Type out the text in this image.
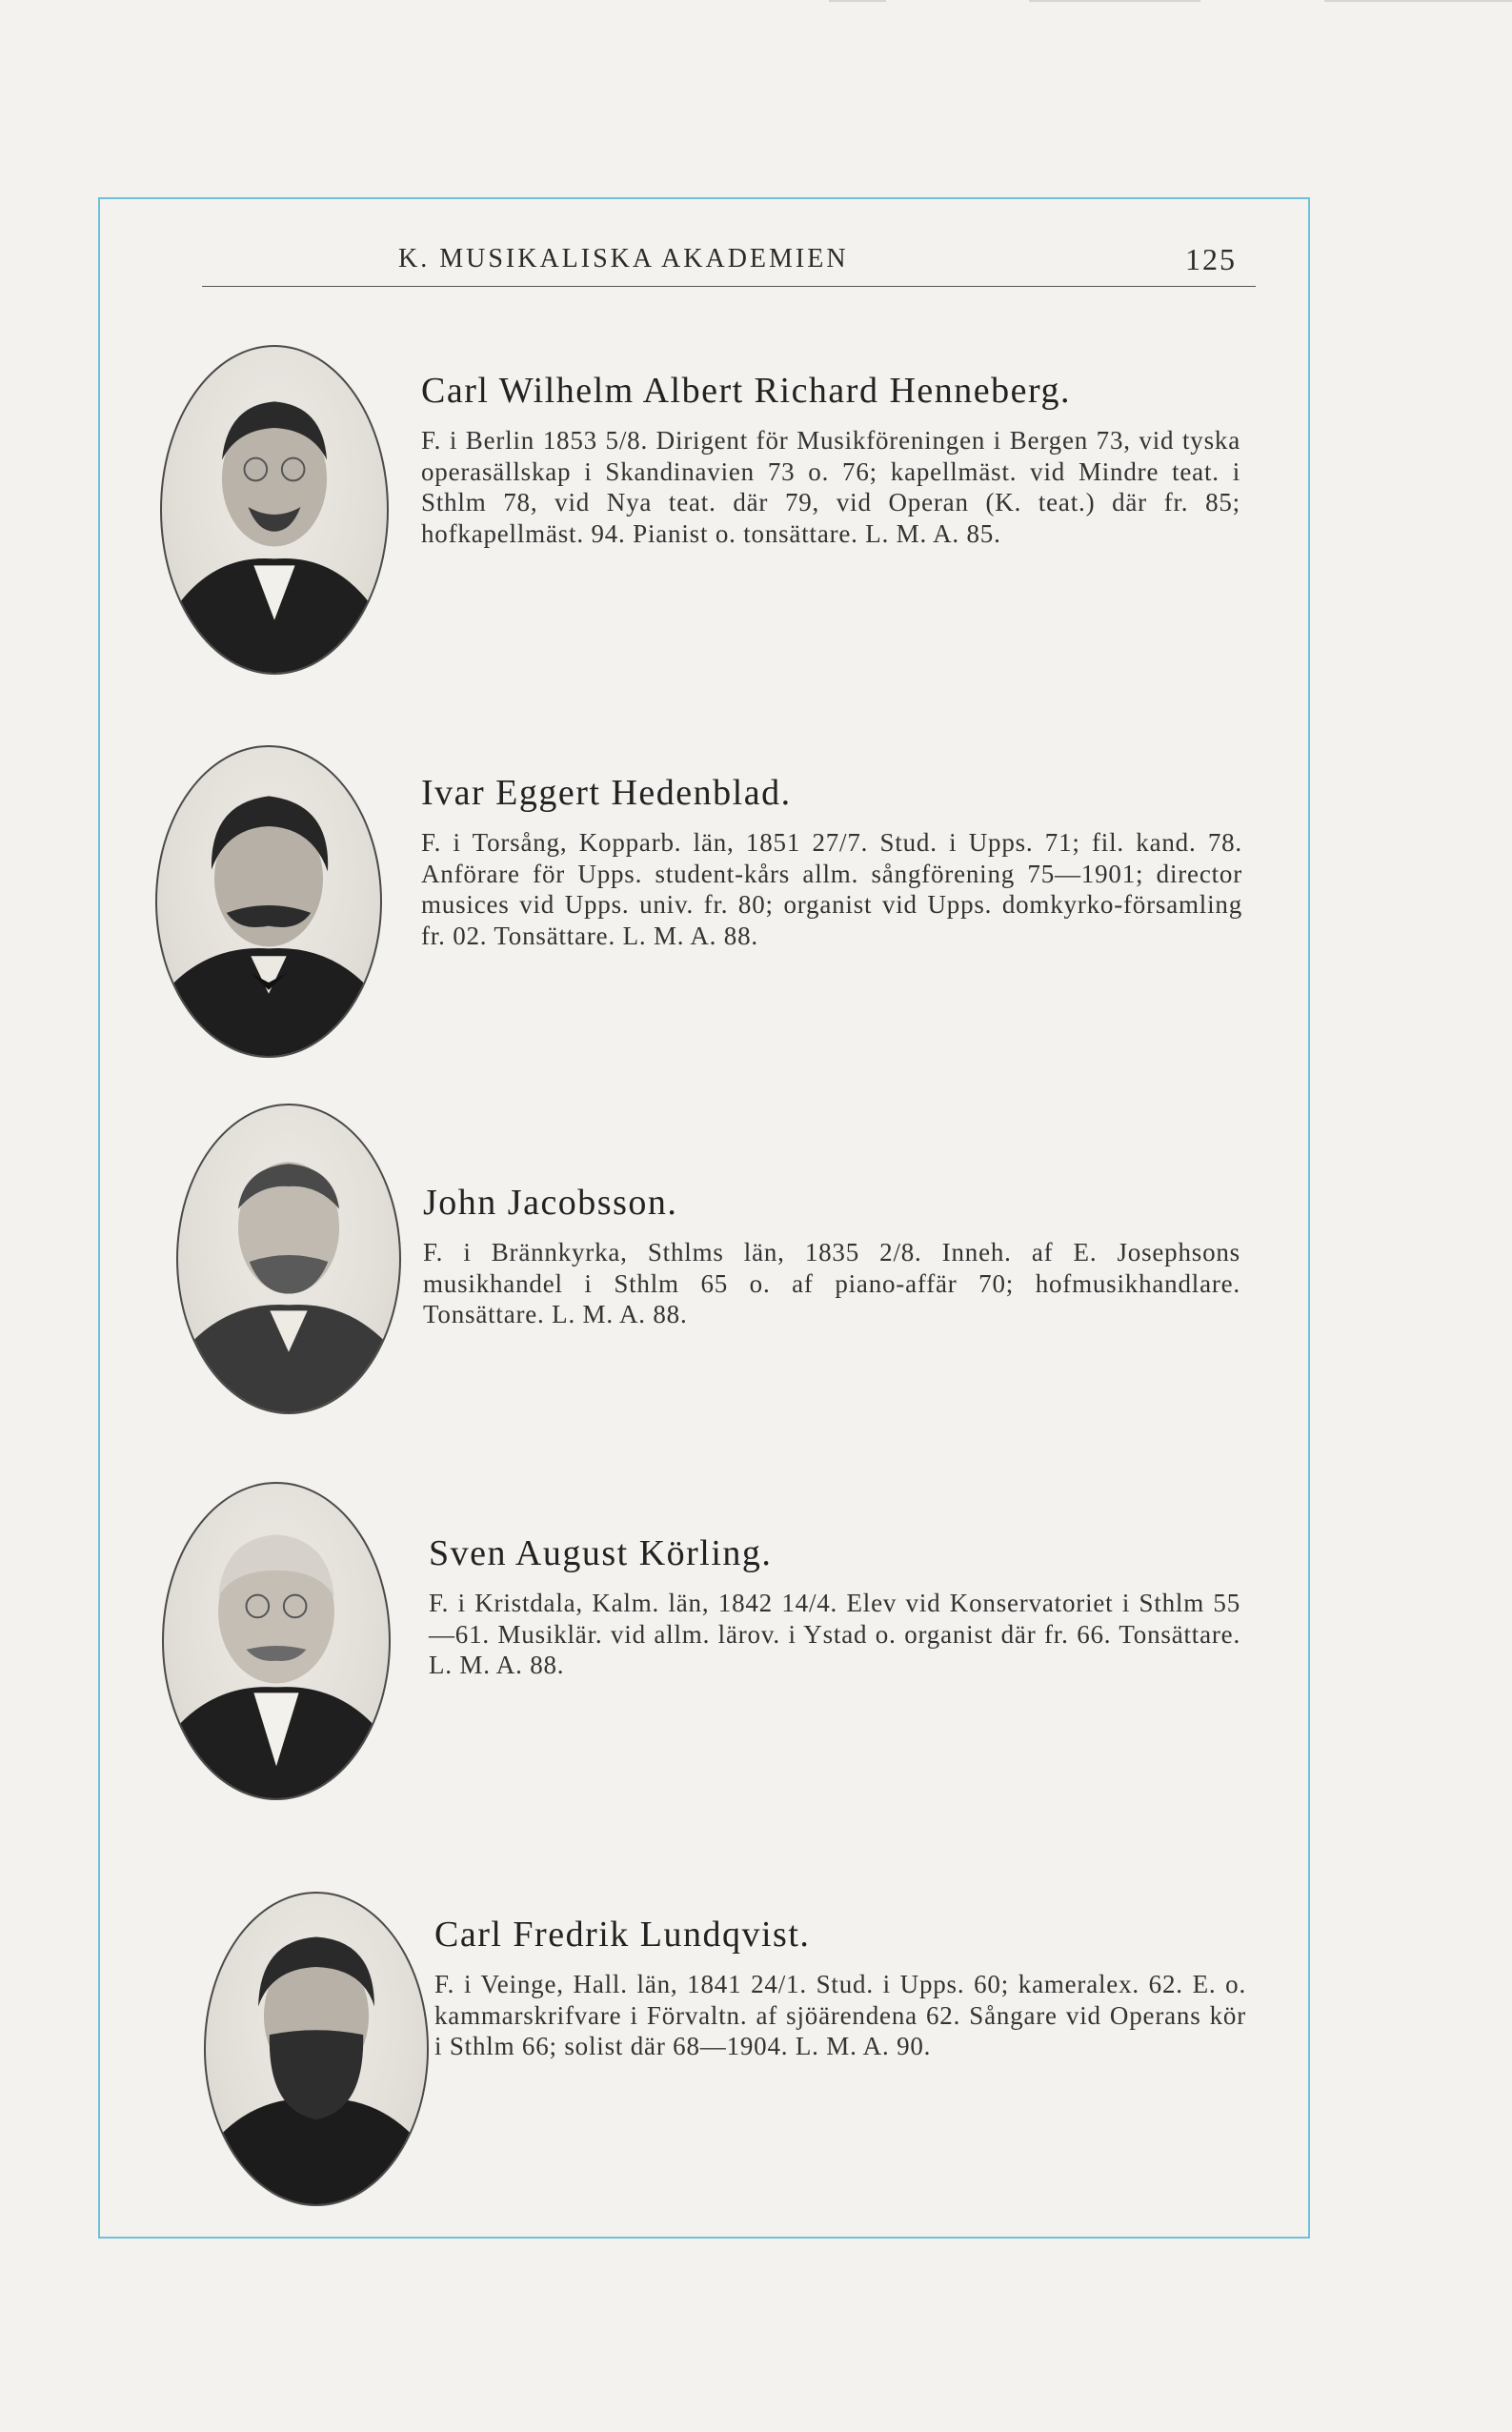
K. MUSIKALISKA AKADEMIEN	125
Carl Wilhelm Albert Richard Henneberg.

F. i Berlin 1853 5/8. Dirigent för Musikföreningen i Bergen 73, vid tyska operasällskap i Skandinavien 73 o. 76; kapellmäst. vid Mindre teat. i Sthlm 78, vid Nya teat. där 79, vid Operan (K. teat.) där fr. 85; hofkapellmäst. 94. Pianist o. tonsättare. L. M. A. 85.

Ivar Eggert Hedenblad.

F. i Torsång, Kopparb. län, 1851 27/7. Stud. i Upps. 71; fil. kand. 78. Anförare för Upps. student-kårs allm. sångförening 75—1901; director musices vid Upps. univ. fr. 80; organist vid Upps. domkyrko-församling fr. 02. Tonsättare. L. M. A. 88.

John Jacobsson.

F. i Brännkyrka, Sthlms län, 1835 2/8. Inneh. af E. Josephsons musikhandel i Sthlm 65 o. af piano-affär 70; hofmusikhandlare. Tonsättare. L. M. A. 88.

Sven August Körling.

F. i Kristdala, Kalm. län, 1842 14/4. Elev vid Konservatoriet i Sthlm 55—61. Musiklär. vid allm. lärov. i Ystad o. organist där fr. 66. Tonsättare. L. M. A. 88.

Carl Fredrik Lundqvist.

F. i Veinge, Hall. län, 1841 24/1. Stud. i Upps. 60; kameralex. 62. E. o. kammarskrifvare i Förvaltn. af sjöärendena 62. Sångare vid Operans kör i Sthlm 66; solist där 68—1904. L. M. A. 90.
